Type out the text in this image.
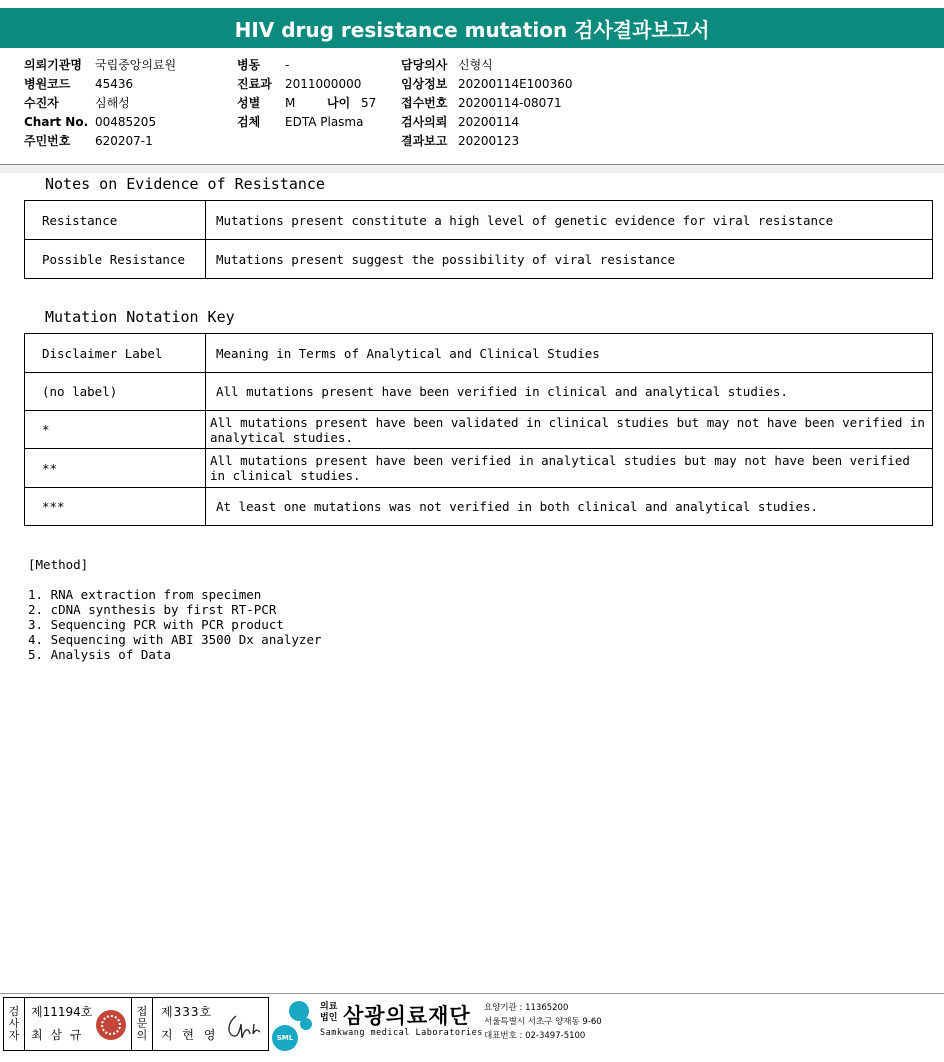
HIV drug resistance mutation 검사결과보고서
의뢰기관명 국립중앙의료원
병원코드 45436
수진자	심해성
Chart No. 00485205
주민번호 620207-1
병동 -
진료과 2011000000
성별 M	나이 57
검체 EDTA Plasma
담당의사 신형식
임상정보 20200114E100360
접수번호 20200114-08071
검사의뢰 20200114
결과보고 20200123
Notes on Evidence of Resistance
Resistance	Mutations present constitute a high level of genetic evidence for viral resistance
Possible Resistance	Mutations present suggest the possibility of viral resistance
Mutation Notation Key
Disclaimer Label	Meaning in Terms of Analytical and Clinical Studies
(no label)	All mutations present have been verified in clinical and analytical studies.
*	All mutations present have been validated in clinical studies but may not have been verified in analytical studies.
**	All mutations present have been verified in analytical studies but may not have been verified in clinical studies.
***	At least one mutations was not verified in both clinical and analytical studies.
[Method]
1. RNA extraction from specimen
2. cDNA synthesis by first RT-PCR
3. Sequencing PCR with PCR product
4. Sequencing with ABI 3500 Dx analyzer
5. Analysis of Data
검
사
자
제11194호
최 삼 규
접
문
의
제333호
지 현 영	SML
의료
법인 삼광의료재단
Samkwang medical Laboratories
요양기관 : 11365200
서울특별시 서초구 양재동 9-60
대표번호 : 02-3497-5100
